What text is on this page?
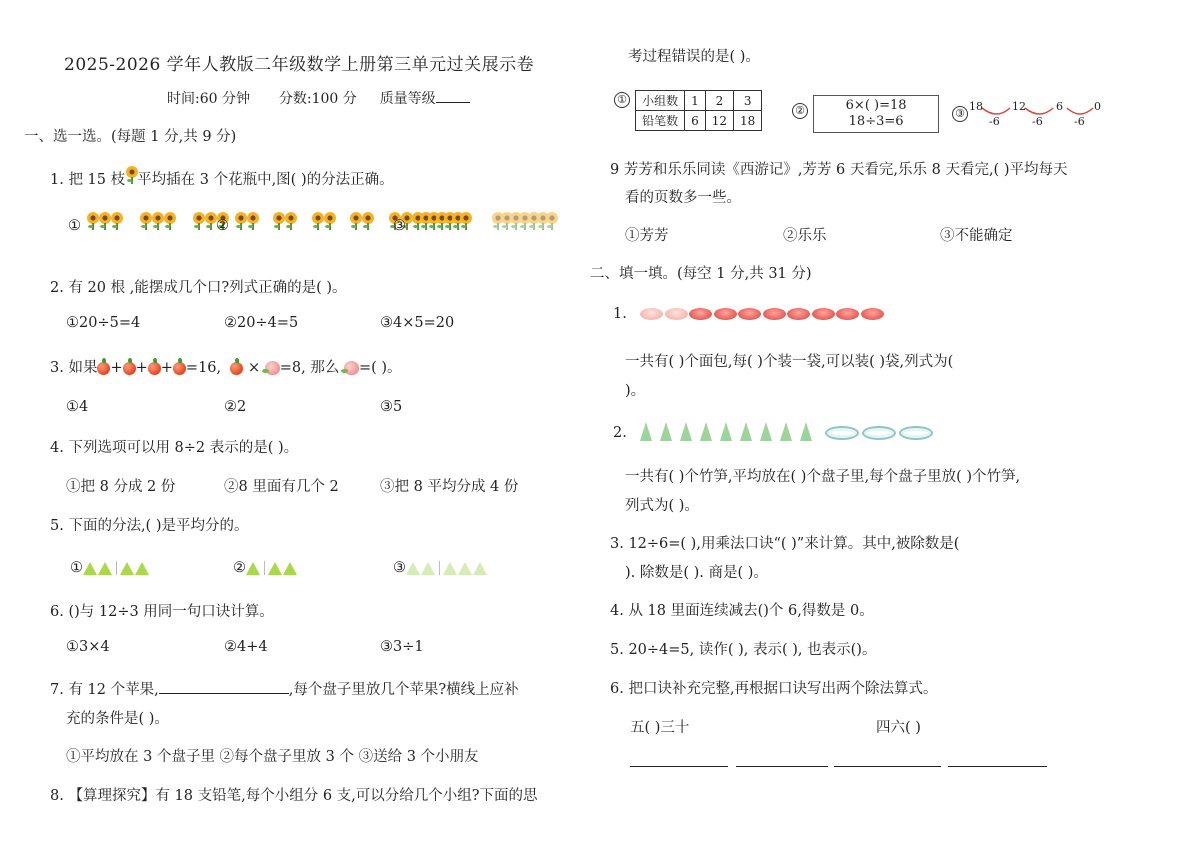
2025-2026 学年人教版二年级数学上册第三单元过关展示卷
时间:60 分钟 分数:100 分 质量等级
一、选一选。(每题 1 分,共 9 分)
1. 把 15 枝 平均插在 3 个花瓶中,图( )的分法正确。
①

	②

	③

2. 有 20 根 ,能摆成几个口?列式正确的是( )。
①20÷5=4	②20÷4=5	③4×5=20
3. 如果 + + + =16, × =8, 那么 =( )。
①4	②2	③5
4. 下列选项可以用 8÷2 表示的是( )。
①把 8 分成 2 份	②8 里面有几个 2	③把 8 平均分成 4 份
5. 下面的分法,( )是平均分的。
①	②	③
6. ()与 12÷3 用同一句口诀计算。
①3×4	②4+4	③3÷1
7. 有 12 个苹果,	,每个盘子里放几个苹果?横线上应补
充的条件是( )。
①平均放在 3 个盘子里 ②每个盘子里放 3 个 ③送给 3 个小朋友
8. 【算理探究】有 18 支铅笔,每个小组分 6 支,可以分给几个小组?下面的思
考过程错误的是( )。
① 小组数	1	2	3
铅笔数	6	12	18
②	6×( )=18
18÷3=6
③
18	12	6	0
-6	-6	-6
9 芳芳和乐乐同读《西游记》,芳芳 6 天看完,乐乐 8 天看完,( )平均每天
看的页数多一些。
①芳芳	②乐乐	③不能确定
二、填一填。(每空 1 分,共 31 分)
1.
一共有( )个面包,每( )个装一袋,可以装( )袋,列式为(
)。
2.
一共有( )个竹笋,平均放在( )个盘子里,每个盘子里放( )个竹笋,
列式为( )。
3. 12÷6=( ),用乘法口诀“( )”来计算。其中,被除数是(
). 除数是( ). 商是( )。
4. 从 18 里面连续减去()个 6,得数是 0。
5. 20÷4=5, 读作( ), 表示( ), 也表示()。
6. 把口诀补充完整,再根据口诀写出两个除法算式。
五( )三十	四六( )
